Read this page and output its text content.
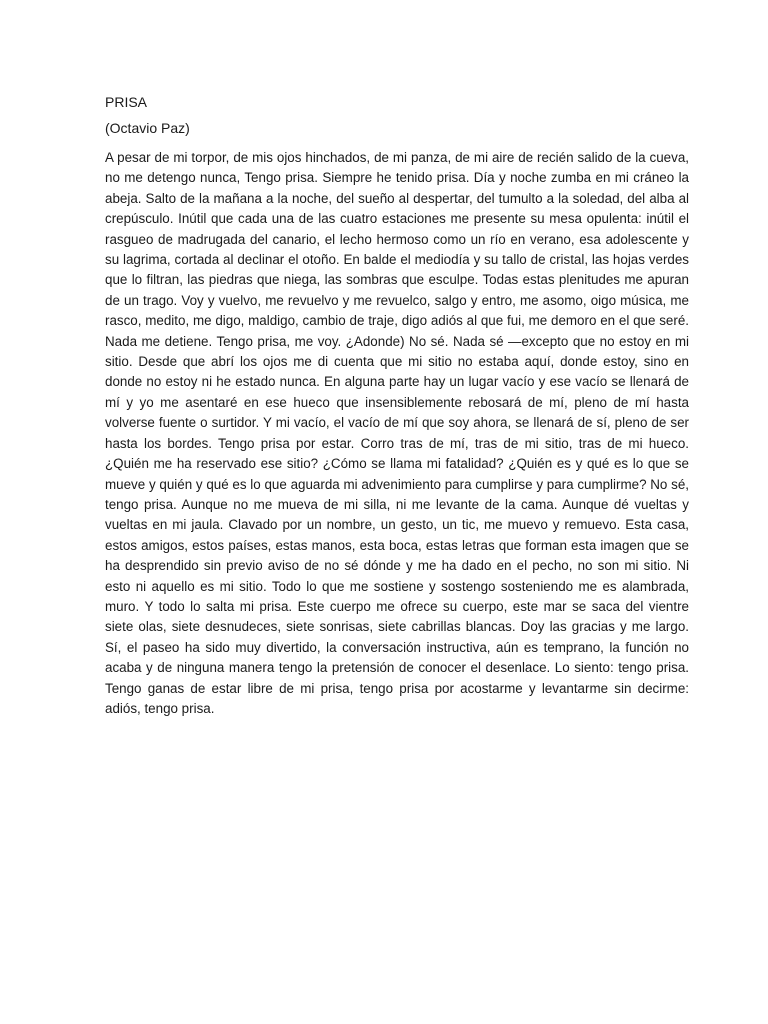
PRISA
(Octavio Paz)

A pesar de mi torpor, de mis ojos hinchados, de mi panza, de mi aire de recién salido de la cueva, no me detengo nunca, Tengo prisa. Siempre he tenido prisa. Día y noche zumba en mi cráneo la abeja. Salto de la mañana a la noche, del sueño al despertar, del tumulto a la soledad, del alba al crepúsculo. Inútil que cada una de las cuatro estaciones me presente su mesa opulenta: inútil el rasgueo de madrugada del canario, el lecho hermoso como un río en verano, esa adolescente y su lagrima, cortada al declinar el otoño. En balde el mediodía y su tallo de cristal, las hojas verdes que lo filtran, las piedras que niega, las sombras que esculpe. Todas estas plenitudes me apuran de un trago. Voy y vuelvo, me revuelvo y me revuelco, salgo y entro, me asomo, oigo música, me rasco, medito, me digo, maldigo, cambio de traje, digo adiós al que fui, me demoro en el que seré. Nada me detiene. Tengo prisa, me voy. ¿Adonde) No sé. Nada sé —excepto que no estoy en mi sitio. Desde que abrí los ojos me di cuenta que mi sitio no estaba aquí, donde estoy, sino en donde no estoy ni he estado nunca. En alguna parte hay un lugar vacío y ese vacío se llenará de mí y yo me asentaré en ese hueco que insensiblemente rebosará de mí, pleno de mí hasta volverse fuente o surtidor. Y mi vacío, el vacío de mí que soy ahora, se llenará de sí, pleno de ser hasta los bordes. Tengo prisa por estar. Corro tras de mí, tras de mi sitio, tras de mi hueco. ¿Quién me ha reservado ese sitio? ¿Cómo se llama mi fatalidad? ¿Quién es y qué es lo que se mueve y quién y qué es lo que aguarda mi advenimiento para cumplirse y para cumplirme? No sé, tengo prisa. Aunque no me mueva de mi silla, ni me levante de la cama. Aunque dé vueltas y vueltas en mi jaula. Clavado por un nombre, un gesto, un tic, me muevo y remuevo. Esta casa, estos amigos, estos países, estas manos, esta boca, estas letras que forman esta imagen que se ha desprendido sin previo aviso de no sé dónde y me ha dado en el pecho, no son mi sitio. Ni esto ni aquello es mi sitio. Todo lo que me sostiene y sostengo sosteniendo me es alambrada, muro. Y todo lo salta mi prisa. Este cuerpo me ofrece su cuerpo, este mar se saca del vientre siete olas, siete desnudeces, siete sonrisas, siete cabrillas blancas. Doy las gracias y me largo. Sí, el paseo ha sido muy divertido, la conversación instructiva, aún es temprano, la función no acaba y de ninguna manera tengo la pretensión de conocer el desenlace. Lo siento: tengo prisa. Tengo ganas de estar libre de mi prisa, tengo prisa por acostarme y levantarme sin decirme: adiós, tengo prisa.
